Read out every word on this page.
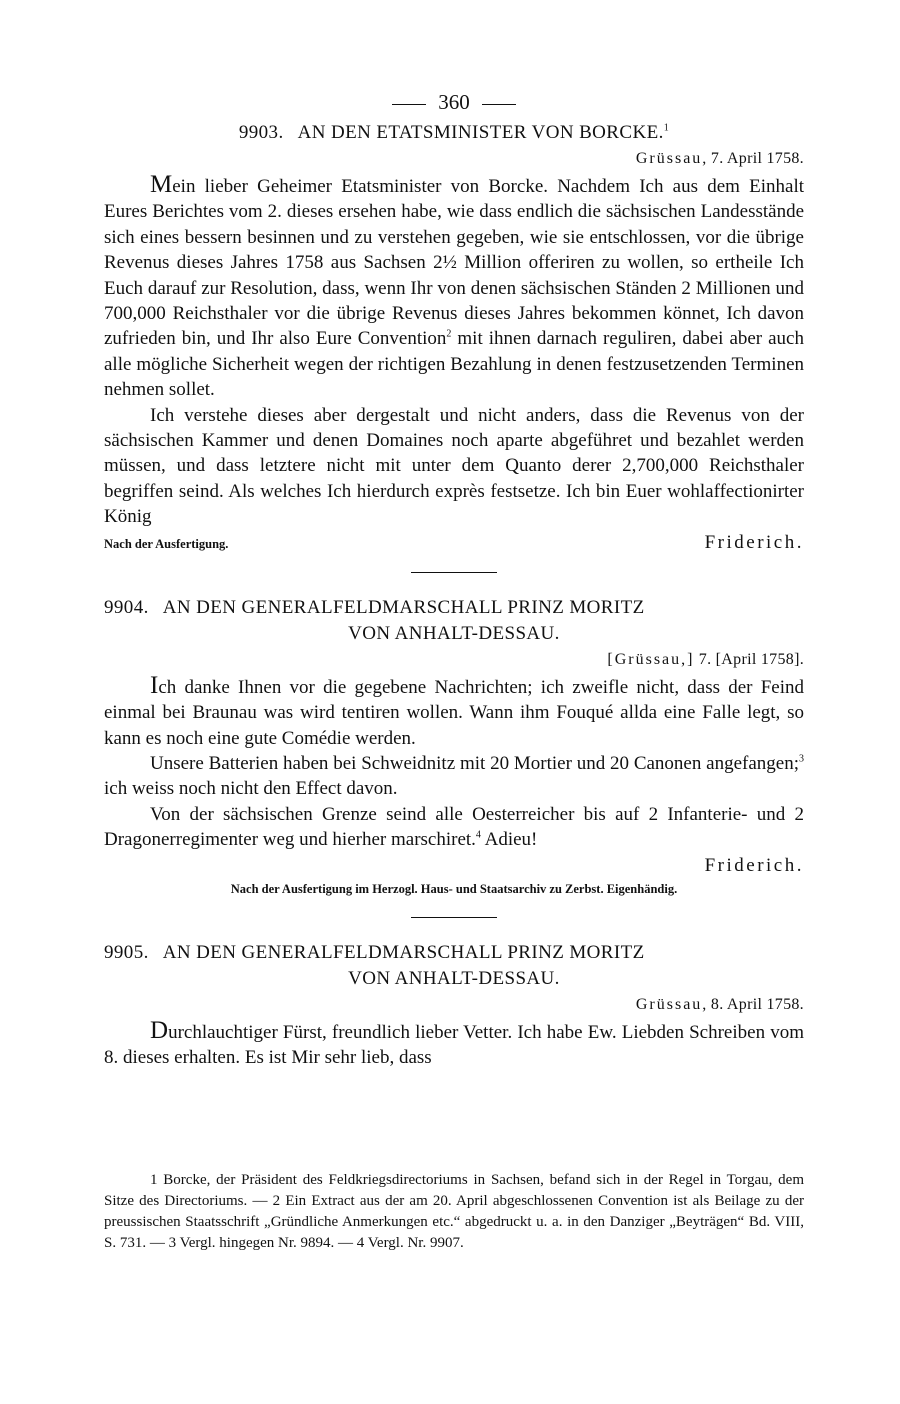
360
9903. AN DEN ETATSMINISTER VON BORCKE.$^1$
Grüssau, 7. April 1758.

Mein lieber Geheimer Etatsminister von Borcke. Nachdem Ich aus dem Einhalt Eures Berichtes vom 2. dieses ersehen habe, wie dass endlich die sächsischen Landesstände sich eines bessern besinnen und zu verstehen gegeben, wie sie entschlossen, vor die übrige Revenus dieses Jahres 1758 aus Sachsen 2½ Million offeriren zu wollen, so ertheile Ich Euch darauf zur Resolution, dass, wenn Ihr von denen sächsischen Ständen 2 Millionen und 700,000 Reichsthaler vor die übrige Revenus dieses Jahres bekommen könnet, Ich davon zufrieden bin, und Ihr also Eure Convention$^2$ mit ihnen darnach reguliren, dabei aber auch alle mögliche Sicherheit wegen der richtigen Bezahlung in denen festzusetzenden Terminen nehmen sollet.

Ich verstehe dieses aber dergestalt und nicht anders, dass die Revenus von der sächsischen Kammer und denen Domaines noch aparte abgeführet und bezahlet werden müssen, und dass letztere nicht mit unter dem Quanto derer 2,700,000 Reichsthaler begriffen seind. Als welches Ich hierdurch exprès festsetze. Ich bin Euer wohlaffectionirter König

Nach der Ausfertigung.	Friderich.
9904. AN DEN GENERALFELDMARSCHALL PRINZ MORITZ
VON ANHALT-DESSAU.
[Grüssau,] 7. [April 1758].

Ich danke Ihnen vor die gegebene Nachrichten; ich zweifle nicht, dass der Feind einmal bei Braunau was wird tentiren wollen. Wann ihm Fouqué allda eine Falle legt, so kann es noch eine gute Comédie werden.

Unsere Batterien haben bei Schweidnitz mit 20 Mortier und 20 Canonen angefangen;$^3$ ich weiss noch nicht den Effect davon.

Von der sächsischen Grenze seind alle Oesterreicher bis auf 2 Infanterie- und 2 Dragonerregimenter weg und hierher marschiret.$^4$ Adieu!

Friderich.
Nach der Ausfertigung im Herzogl. Haus- und Staatsarchiv zu Zerbst. Eigenhändig.
9905. AN DEN GENERALFELDMARSCHALL PRINZ MORITZ
VON ANHALT-DESSAU.
Grüssau, 8. April 1758.

Durchlauchtiger Fürst, freundlich lieber Vetter. Ich habe Ew. Liebden Schreiben vom 8. dieses erhalten. Es ist Mir sehr lieb, dass

1 Borcke, der Präsident des Feldkriegsdirectoriums in Sachsen, befand sich in der Regel in Torgau, dem Sitze des Directoriums. — 2 Ein Extract aus der am 20. April abgeschlossenen Convention ist als Beilage zu der preussischen Staatsschrift „Gründliche Anmerkungen etc.“ abgedruckt u. a. in den Danziger „Beyträgen“ Bd. VIII, S. 731. — 3 Vergl. hingegen Nr. 9894. — 4 Vergl. Nr. 9907.
